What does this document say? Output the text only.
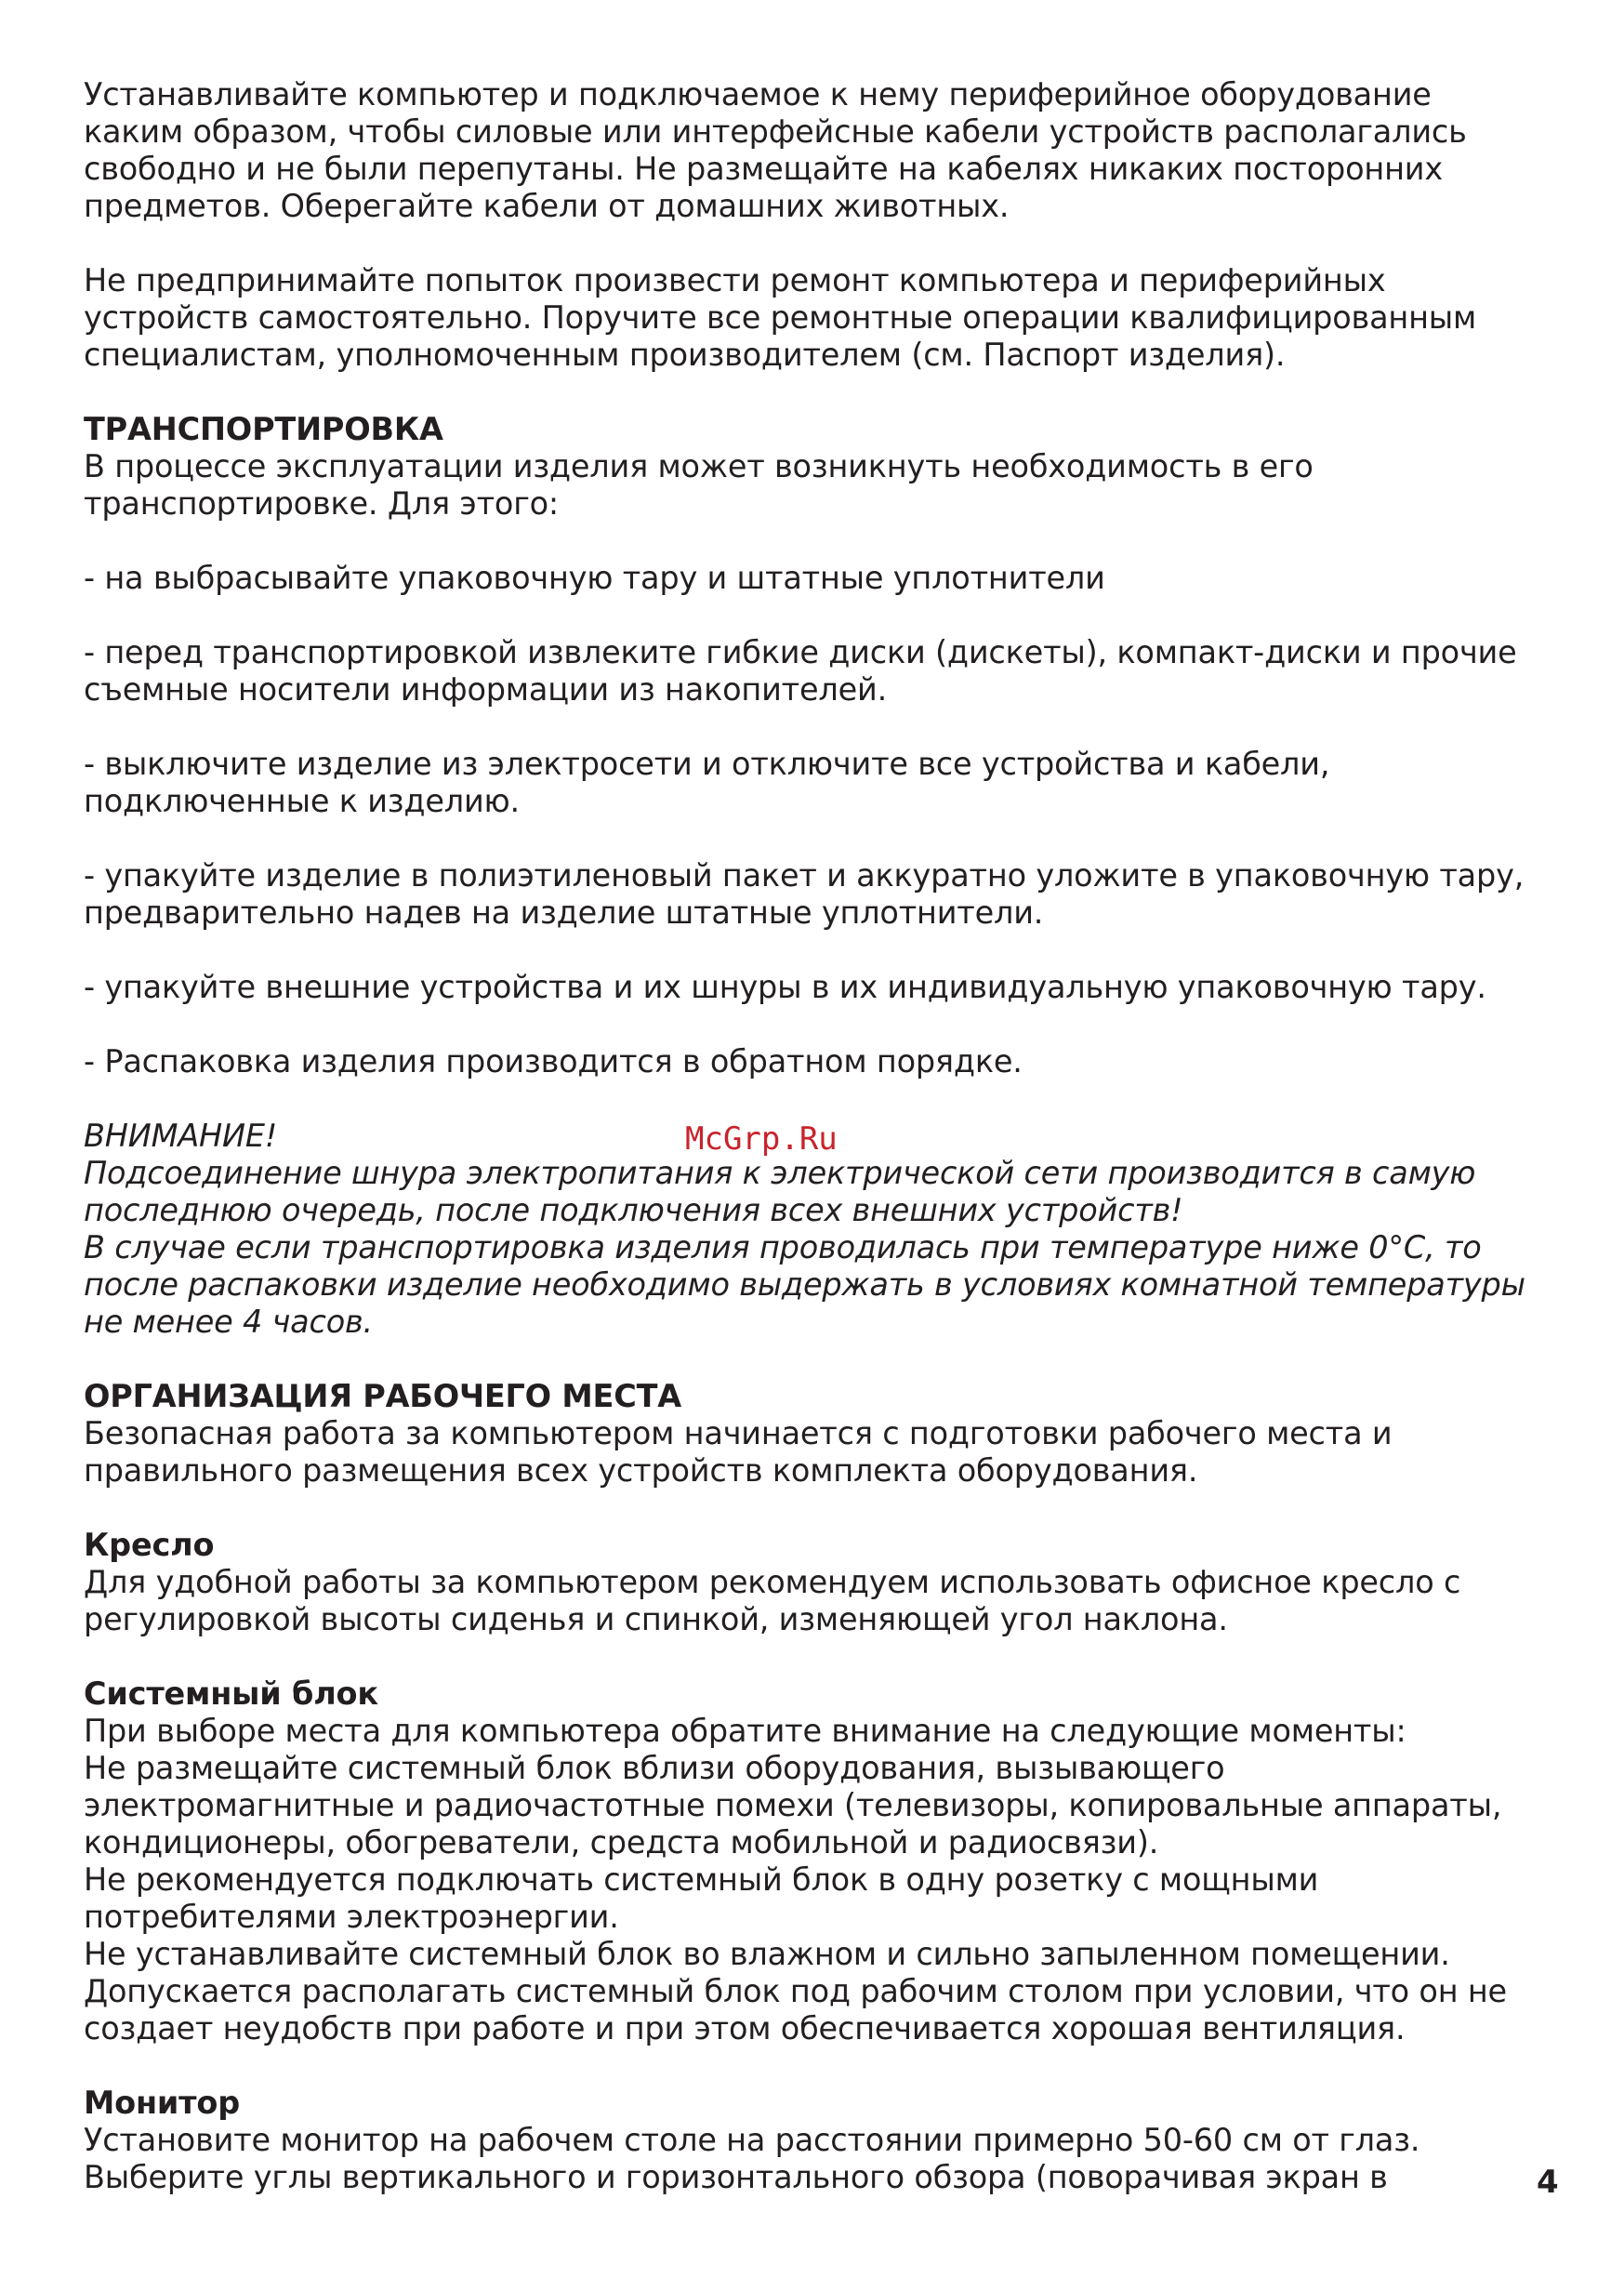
Устанавливайте компьютер и подключаемое к нему периферийное оборудование
каким образом, чтобы силовые или интерфейсные кабели устройств располагались
свободно и не были перепутаны. Не размещайте на кабелях никаких посторонних
предметов. Оберегайте кабели от домашних животных.
Не предпринимайте попыток произвести ремонт компьютера и периферийных
устройств самостоятельно. Поручите все ремонтные операции квалифицированным
специалистам, уполномоченным производителем (см. Паспорт изделия).
ТРАНСПОРТИРОВКА
В процессе эксплуатации изделия может возникнуть необходимость в его
транспортировке. Для этого:
- на выбрасывайте упаковочную тару и штатные уплотнители
- перед транспортировкой извлеките гибкие диски (дискеты), компакт-диски и прочие
съемные носители информации из накопителей.
- выключите изделие из электросети и отключите все устройства и кабели,
подключенные к изделию.
- упакуйте изделие в полиэтиленовый пакет и аккуратно уложите в упаковочную тару,
предварительно надев на изделие штатные уплотнители.
- упакуйте внешние устройства и их шнуры в их индивидуальную упаковочную тару.
- Распаковка изделия производится в обратном порядке.
ВНИМАНИЕ!
Подсоединение шнура электропитания к электрической сети производится в самую
последнюю очередь, после подключения всех внешних устройств!
В случае если транспортировка изделия проводилась при температуре ниже 0°С, то
после распаковки изделие необходимо выдержать в условиях комнатной температуры
не менее 4 часов.
ОРГАНИЗАЦИЯ РАБОЧЕГО МЕСТА
Безопасная работа за компьютером начинается с подготовки рабочего места и
правильного размещения всех устройств комплекта оборудования.
Кресло
Для удобной работы за компьютером рекомендуем использовать офисное кресло с
регулировкой высоты сиденья и спинкой, изменяющей угол наклона.
Системный блок
При выборе места для компьютера обратите внимание на следующие моменты:
Не размещайте системный блок вблизи оборудования, вызывающего
электромагнитные и радиочастотные помехи (телевизоры, копировальные аппараты,
кондиционеры, обогреватели, средста мобильной и радиосвязи).
Не рекомендуется подключать системный блок в одну розетку с мощными
потребителями электроэнергии.
Не устанавливайте системный блок во влажном и сильно запыленном помещении.
Допускается располагать системный блок под рабочим столом при условии, что он не
создает неудобств при работе и при этом обеспечивается хорошая вентиляция.
Монитор
Установите монитор на рабочем столе на расстоянии примерно 50-60 см от глаз.
Выберите углы вертикального и горизонтального обзора (поворачивая экран в
McGrp.Ru
4
